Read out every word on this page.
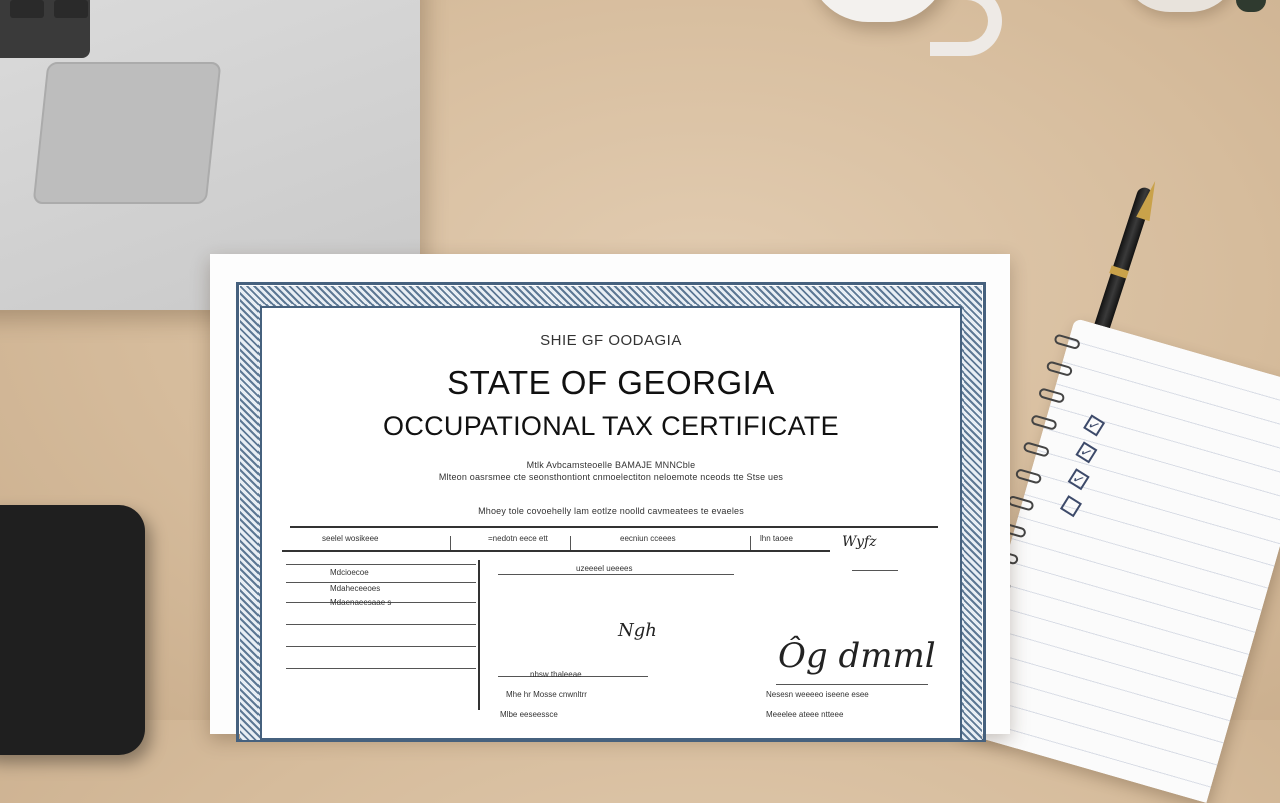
✓
✓
✓
SHIE GF OODAGIA
STATE OF GEORGIA
OCCUPATIONAL TAX CERTIFICATE
Mtlk Avbcamsteoelle BAMAJE MNNCble
Mlteon oasrsmee cte seonsthontiont cnmoelectiton neloemote nceods tte Stse ues
Mhoey tole covoehelly lam eotlze noolld cavmeatees te evaeles
seelel wosikeee	=nedotn eece ett	eecniun cceees	lhn taoee	Wyfz
Mdcioecoe
Mdaheceeoes
Mdaenaeesaae s
uzeeeel ueeees
Ngh
nhsw thaleeae
Mhe hr Mosse cnwnltrr
Ôg dmml
Nesesn weeeeo iseene esee
Mlbe eeseessce	Meeelee ateee ntteee
